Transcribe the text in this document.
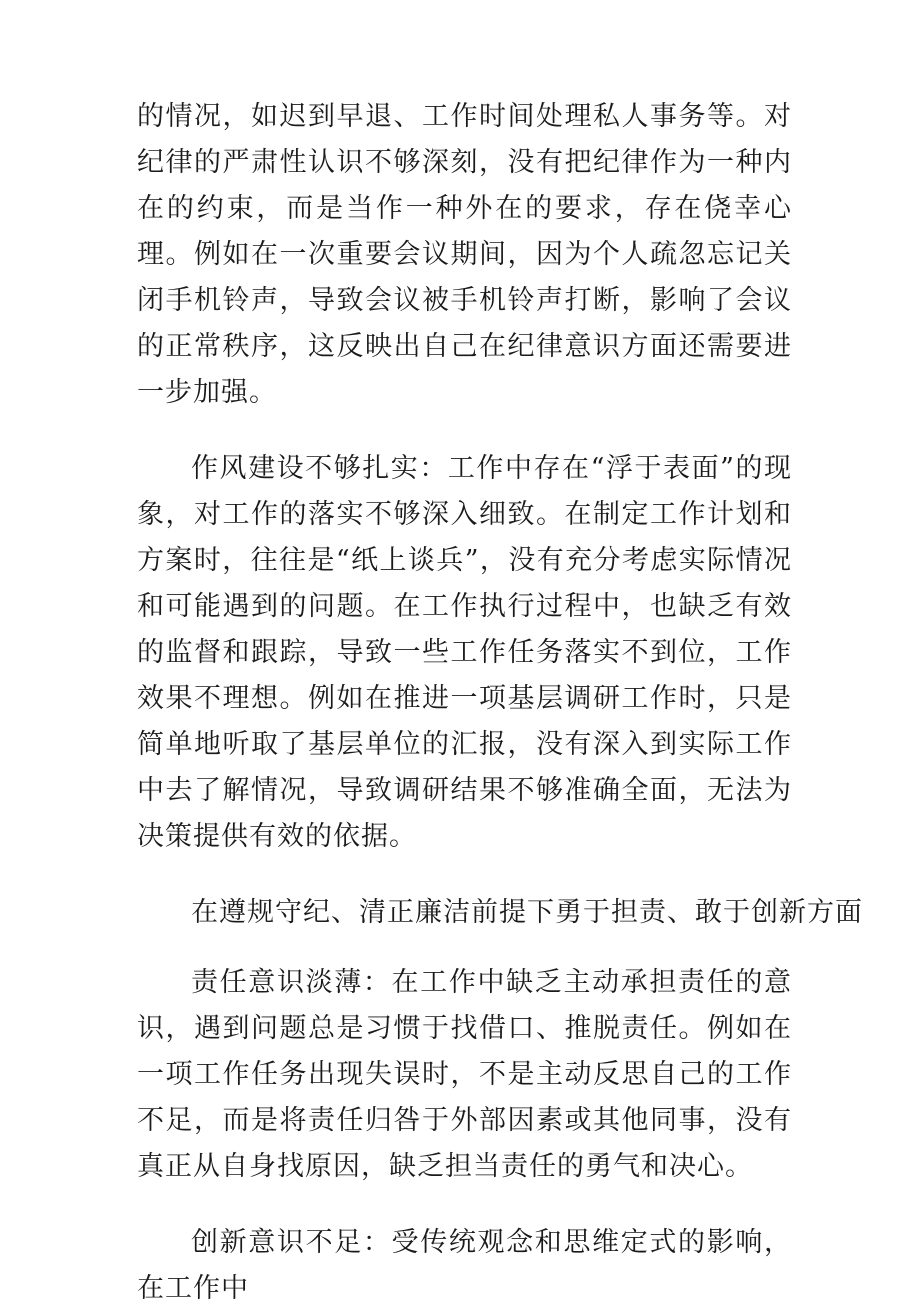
的情况，如迟到早退、工作时间处理私人事务等。对纪律的严肃性认识不够深刻，没有把纪律作为一种内在的约束，而是当作一种外在的要求，存在侥幸心理。例如在一次重要会议期间，因为个人疏忽忘记关闭手机铃声，导致会议被手机铃声打断，影响了会议的正常秩序，这反映出自己在纪律意识方面还需要进一步加强。

作风建设不够扎实：工作中存在“浮于表面”的现象，对工作的落实不够深入细致。在制定工作计划和方案时，往往是“纸上谈兵”，没有充分考虑实际情况和可能遇到的问题。在工作执行过程中，也缺乏有效的监督和跟踪，导致一些工作任务落实不到位，工作效果不理想。例如在推进一项基层调研工作时，只是简单地听取了基层单位的汇报，没有深入到实际工作中去了解情况，导致调研结果不够准确全面，无法为决策提供有效的依据。

在遵规守纪、清正廉洁前提下勇于担责、敢于创新方面

责任意识淡薄：在工作中缺乏主动承担责任的意识，遇到问题总是习惯于找借口、推脱责任。例如在一项工作任务出现失误时，不是主动反思自己的工作不足，而是将责任归咎于外部因素或其他同事，没有真正从自身找原因，缺乏担当责任的勇气和决心。

创新意识不足：受传统观念和思维定式的影响，在工作中
